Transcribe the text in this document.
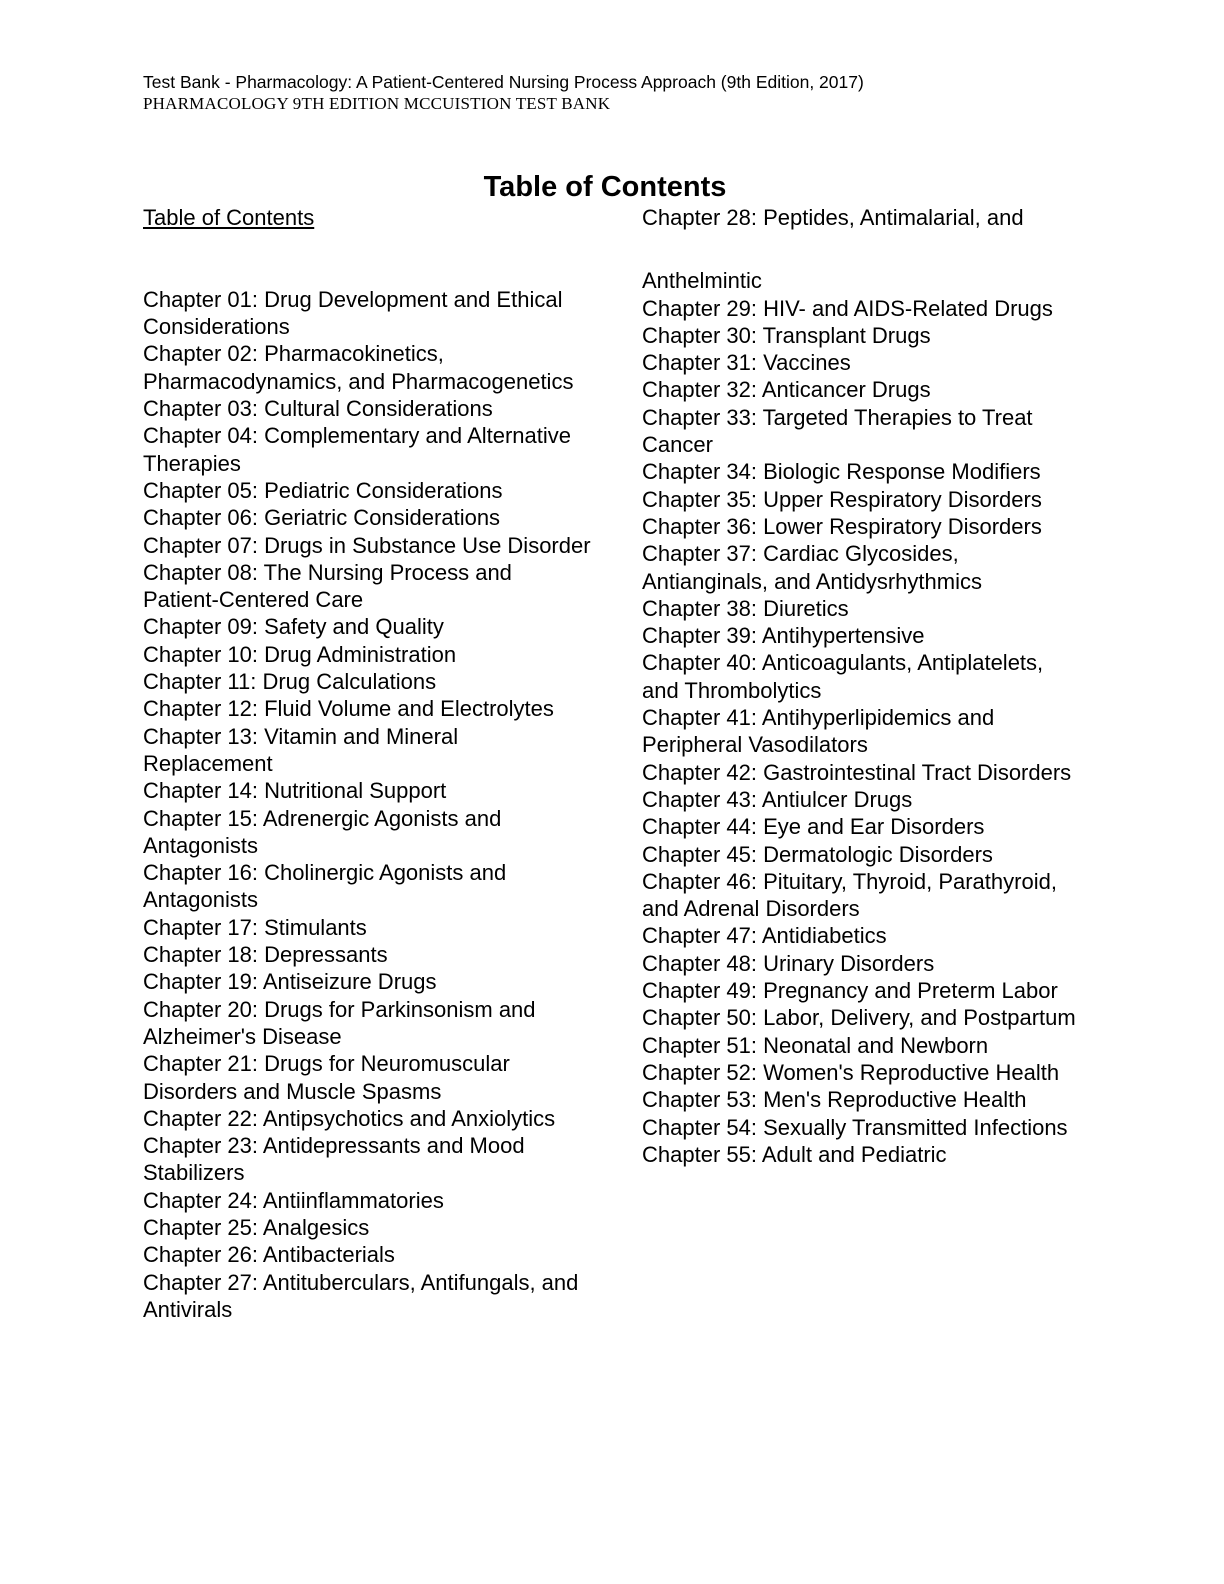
Test Bank - Pharmacology: A Patient-Centered Nursing Process Approach (9th Edition, 2017)
PHARMACOLOGY 9TH EDITION MCCUISTION TEST BANK
Table of Contents
Table of Contents
Chapter 01: Drug Development and Ethical Considerations
Chapter 02: Pharmacokinetics, Pharmacodynamics, and Pharmacogenetics
Chapter 03: Cultural Considerations
Chapter 04: Complementary and Alternative Therapies
Chapter 05: Pediatric Considerations
Chapter 06: Geriatric Considerations
Chapter 07: Drugs in Substance Use Disorder
Chapter 08: The Nursing Process and Patient-Centered Care
Chapter 09: Safety and Quality
Chapter 10: Drug Administration
Chapter 11: Drug Calculations
Chapter 12: Fluid Volume and Electrolytes
Chapter 13: Vitamin and Mineral Replacement
Chapter 14: Nutritional Support
Chapter 15: Adrenergic Agonists and Antagonists
Chapter 16: Cholinergic Agonists and Antagonists
Chapter 17: Stimulants
Chapter 18: Depressants
Chapter 19: Antiseizure Drugs
Chapter 20: Drugs for Parkinsonism and Alzheimer's Disease
Chapter 21: Drugs for Neuromuscular Disorders and Muscle Spasms
Chapter 22: Antipsychotics and Anxiolytics
Chapter 23: Antidepressants and Mood Stabilizers
Chapter 24: Antiinflammatories
Chapter 25: Analgesics
Chapter 26: Antibacterials
Chapter 27: Antituberculars, Antifungals, and Antivirals
Chapter 28: Peptides, Antimalarial, and
Anthelmintic
Chapter 29: HIV- and AIDS-Related Drugs
Chapter 30: Transplant Drugs
Chapter 31: Vaccines
Chapter 32: Anticancer Drugs
Chapter 33: Targeted Therapies to Treat Cancer
Chapter 34: Biologic Response Modifiers
Chapter 35: Upper Respiratory Disorders
Chapter 36: Lower Respiratory Disorders
Chapter 37: Cardiac Glycosides, Antianginals, and Antidysrhythmics
Chapter 38: Diuretics
Chapter 39: Antihypertensive
Chapter 40: Anticoagulants, Antiplatelets, and Thrombolytics
Chapter 41: Antihyperlipidemics and Peripheral Vasodilators
Chapter 42: Gastrointestinal Tract Disorders
Chapter 43: Antiulcer Drugs
Chapter 44: Eye and Ear Disorders
Chapter 45: Dermatologic Disorders
Chapter 46: Pituitary, Thyroid, Parathyroid, and Adrenal Disorders
Chapter 47: Antidiabetics
Chapter 48: Urinary Disorders
Chapter 49: Pregnancy and Preterm Labor
Chapter 50: Labor, Delivery, and Postpartum
Chapter 51: Neonatal and Newborn
Chapter 52: Women's Reproductive Health
Chapter 53: Men's Reproductive Health
Chapter 54: Sexually Transmitted Infections
Chapter 55: Adult and Pediatric
